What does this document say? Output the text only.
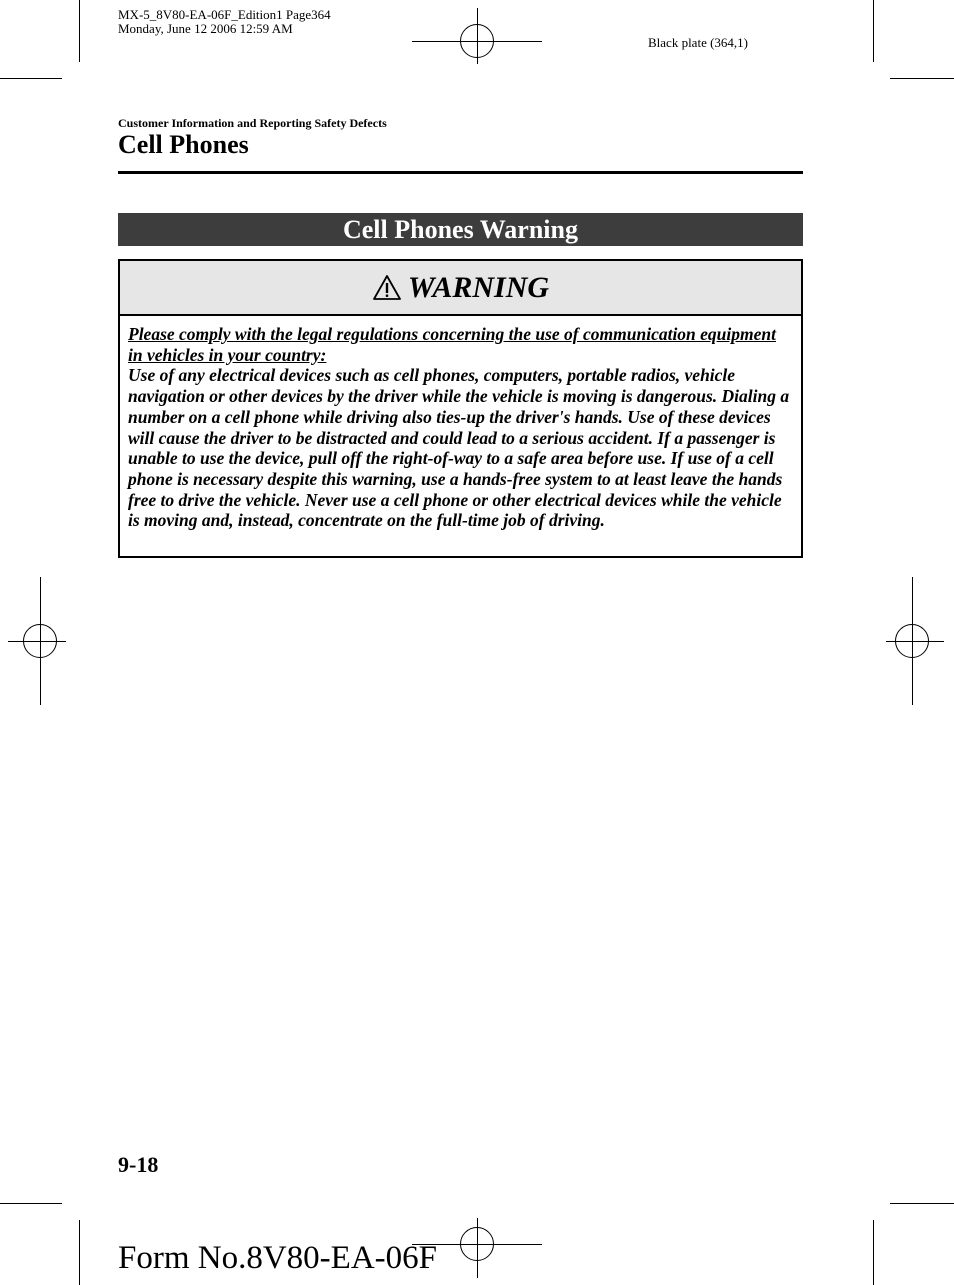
MX-5_8V80-EA-06F_Edition1 Page364
Monday, June 12 2006 12:59 AM
Black plate (364,1)
Customer Information and Reporting Safety Defects
Cell Phones
Cell Phones Warning
WARNING
Please comply with the legal regulations concerning the use of communication equipment in vehicles in your country:
Use of any electrical devices such as cell phones, computers, portable radios, vehicle navigation or other devices by the driver while the vehicle is moving is dangerous. Dialing a number on a cell phone while driving also ties-up the driver's hands. Use of these devices will cause the driver to be distracted and could lead to a serious accident. If a passenger is unable to use the device, pull off the right-of-way to a safe area before use. If use of a cell phone is necessary despite this warning, use a hands-free system to at least leave the hands free to drive the vehicle. Never use a cell phone or other electrical devices while the vehicle is moving and, instead, concentrate on the full-time job of driving.
9-18
Form No.8V80-EA-06F
